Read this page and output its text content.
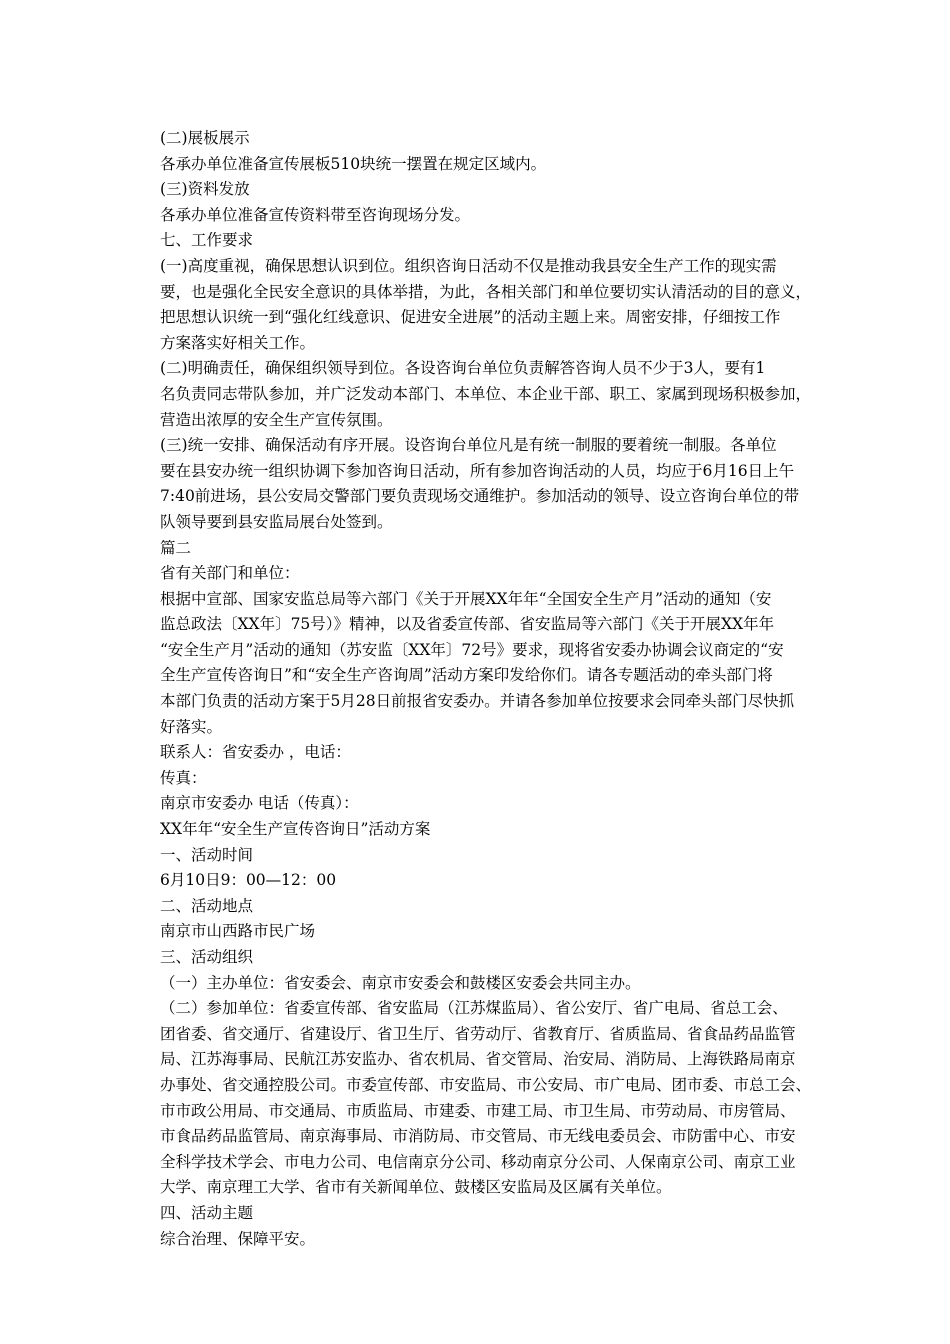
(二)展板展示

各承办单位准备宣传展板510块统一摆置在规定区域内。

(三)资料发放

各承办单位准备宣传资料带至咨询现场分发。

七、工作要求

(一)高度重视，确保思想认识到位。组织咨询日活动不仅是推动我县安全生产工作的现实需

要，也是强化全民安全意识的具体举措，为此，各相关部门和单位要切实认清活动的目的意义，

把思想认识统一到“强化红线意识、促进安全进展”的活动主题上来。周密安排，仔细按工作

方案落实好相关工作。

(二)明确责任，确保组织领导到位。各设咨询台单位负责解答咨询人员不少于3人，要有1

名负责同志带队参加，并广泛发动本部门、本单位、本企业干部、职工、家属到现场积极参加，

营造出浓厚的安全生产宣传氛围。

(三)统一安排、确保活动有序开展。设咨询台单位凡是有统一制服的要着统一制服。各单位

要在县安办统一组织协调下参加咨询日活动，所有参加咨询活动的人员，均应于6月16日上午

7:40前进场，县公安局交警部门要负责现场交通维护。参加活动的领导、设立咨询台单位的带

队领导要到县安监局展台处签到。

篇二

省有关部门和单位：

根据中宣部、国家安监总局等六部门《关于开展XX年年“全国安全生产月”活动的通知（安

监总政法〔XX年〕75号）》精神，以及省委宣传部、省安监局等六部门《关于开展XX年年

“安全生产月”活动的通知（苏安监〔XX年〕72号》要求，现将省安委办协调会议商定的“安

全生产宣传咨询日”和“安全生产咨询周”活动方案印发给你们。请各专题活动的牵头部门将

本部门负责的活动方案于5月28日前报省安委办。并请各参加单位按要求会同牵头部门尽快抓

好落实。

联系人：省安委办 ，电话：

传真：

南京市安委办 电话（传真）：

XX年年“安全生产宣传咨询日”活动方案

一、活动时间

6月10日9：00—12：00

二、活动地点

南京市山西路市民广场

三、活动组织

（一）主办单位：省安委会、南京市安委会和鼓楼区安委会共同主办。

（二）参加单位：省委宣传部、省安监局（江苏煤监局）、省公安厅、省广电局、省总工会、

团省委、省交通厅、省建设厅、省卫生厅、省劳动厅、省教育厅、省质监局、省食品药品监管

局、江苏海事局、民航江苏安监办、省农机局、省交管局、治安局、消防局、上海铁路局南京

办事处、省交通控股公司。市委宣传部、市安监局、市公安局、市广电局、团市委、市总工会、

市市政公用局、市交通局、市质监局、市建委、市建工局、市卫生局、市劳动局、市房管局、

市食品药品监管局、南京海事局、市消防局、市交管局、市无线电委员会、市防雷中心、市安

全科学技术学会、市电力公司、电信南京分公司、移动南京分公司、人保南京公司、南京工业

大学、南京理工大学、省市有关新闻单位、鼓楼区安监局及区属有关单位。

四、活动主题

综合治理、保障平安。
